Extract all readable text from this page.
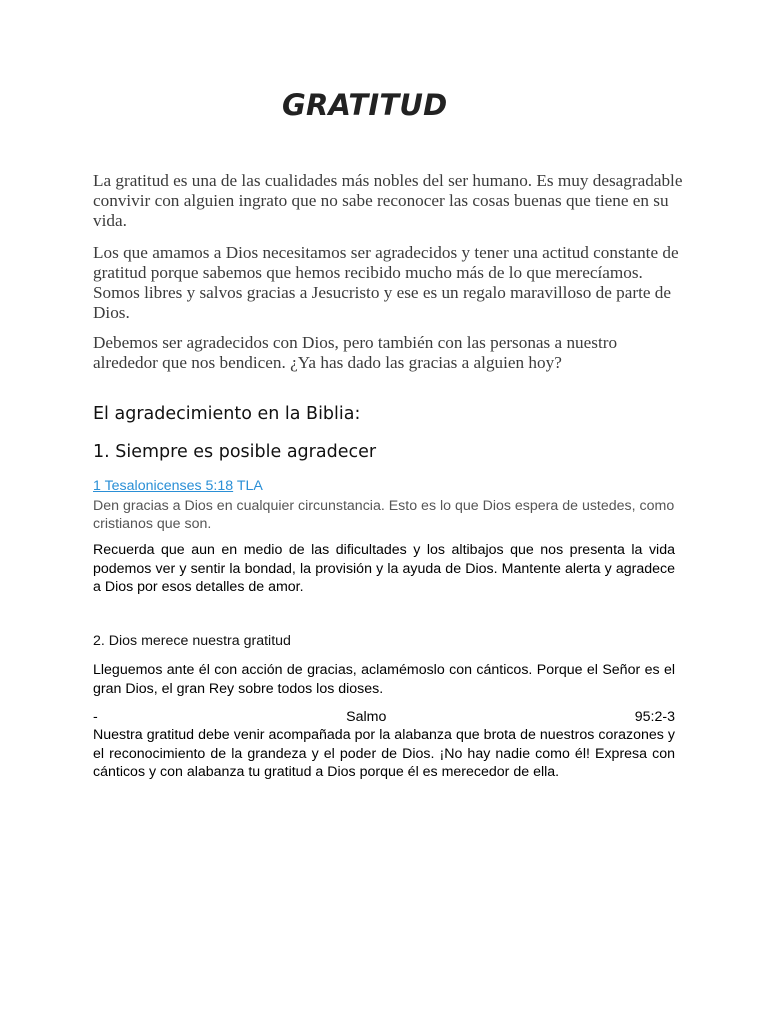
GRATITUD

La gratitud es una de las cualidades más nobles del ser humano. Es muy desagradable convivir con alguien ingrato que no sabe reconocer las cosas buenas que tiene en su vida.

Los que amamos a Dios necesitamos ser agradecidos y tener una actitud constante de gratitud porque sabemos que hemos recibido mucho más de lo que merecíamos. Somos libres y salvos gracias a Jesucristo y ese es un regalo maravilloso de parte de Dios.

Debemos ser agradecidos con Dios, pero también con las personas a nuestro alrededor que nos bendicen. ¿Ya has dado las gracias a alguien hoy?

El agradecimiento en la Biblia:
1. Siempre es posible agradecer

1 Tesalonicenses 5:18 TLA

Den gracias a Dios en cualquier circunstancia. Esto es lo que Dios espera de ustedes, como cristianos que son.

Recuerda que aun en medio de las dificultades y los altibajos que nos presenta la vida podemos ver y sentir la bondad, la provisión y la ayuda de Dios. Mantente alerta y agradece a Dios por esos detalles de amor.

2. Dios merece nuestra gratitud

Lleguemos ante él con acción de gracias, aclamémoslo con cánticos. Porque el Señor es el gran Dios, el gran Rey sobre todos los dioses.

-	Salmo	95:2-3

Nuestra gratitud debe venir acompañada por la alabanza que brota de nuestros corazones y el reconocimiento de la grandeza y el poder de Dios. ¡No hay nadie como él! Expresa con cánticos y con alabanza tu gratitud a Dios porque él es merecedor de ella.
